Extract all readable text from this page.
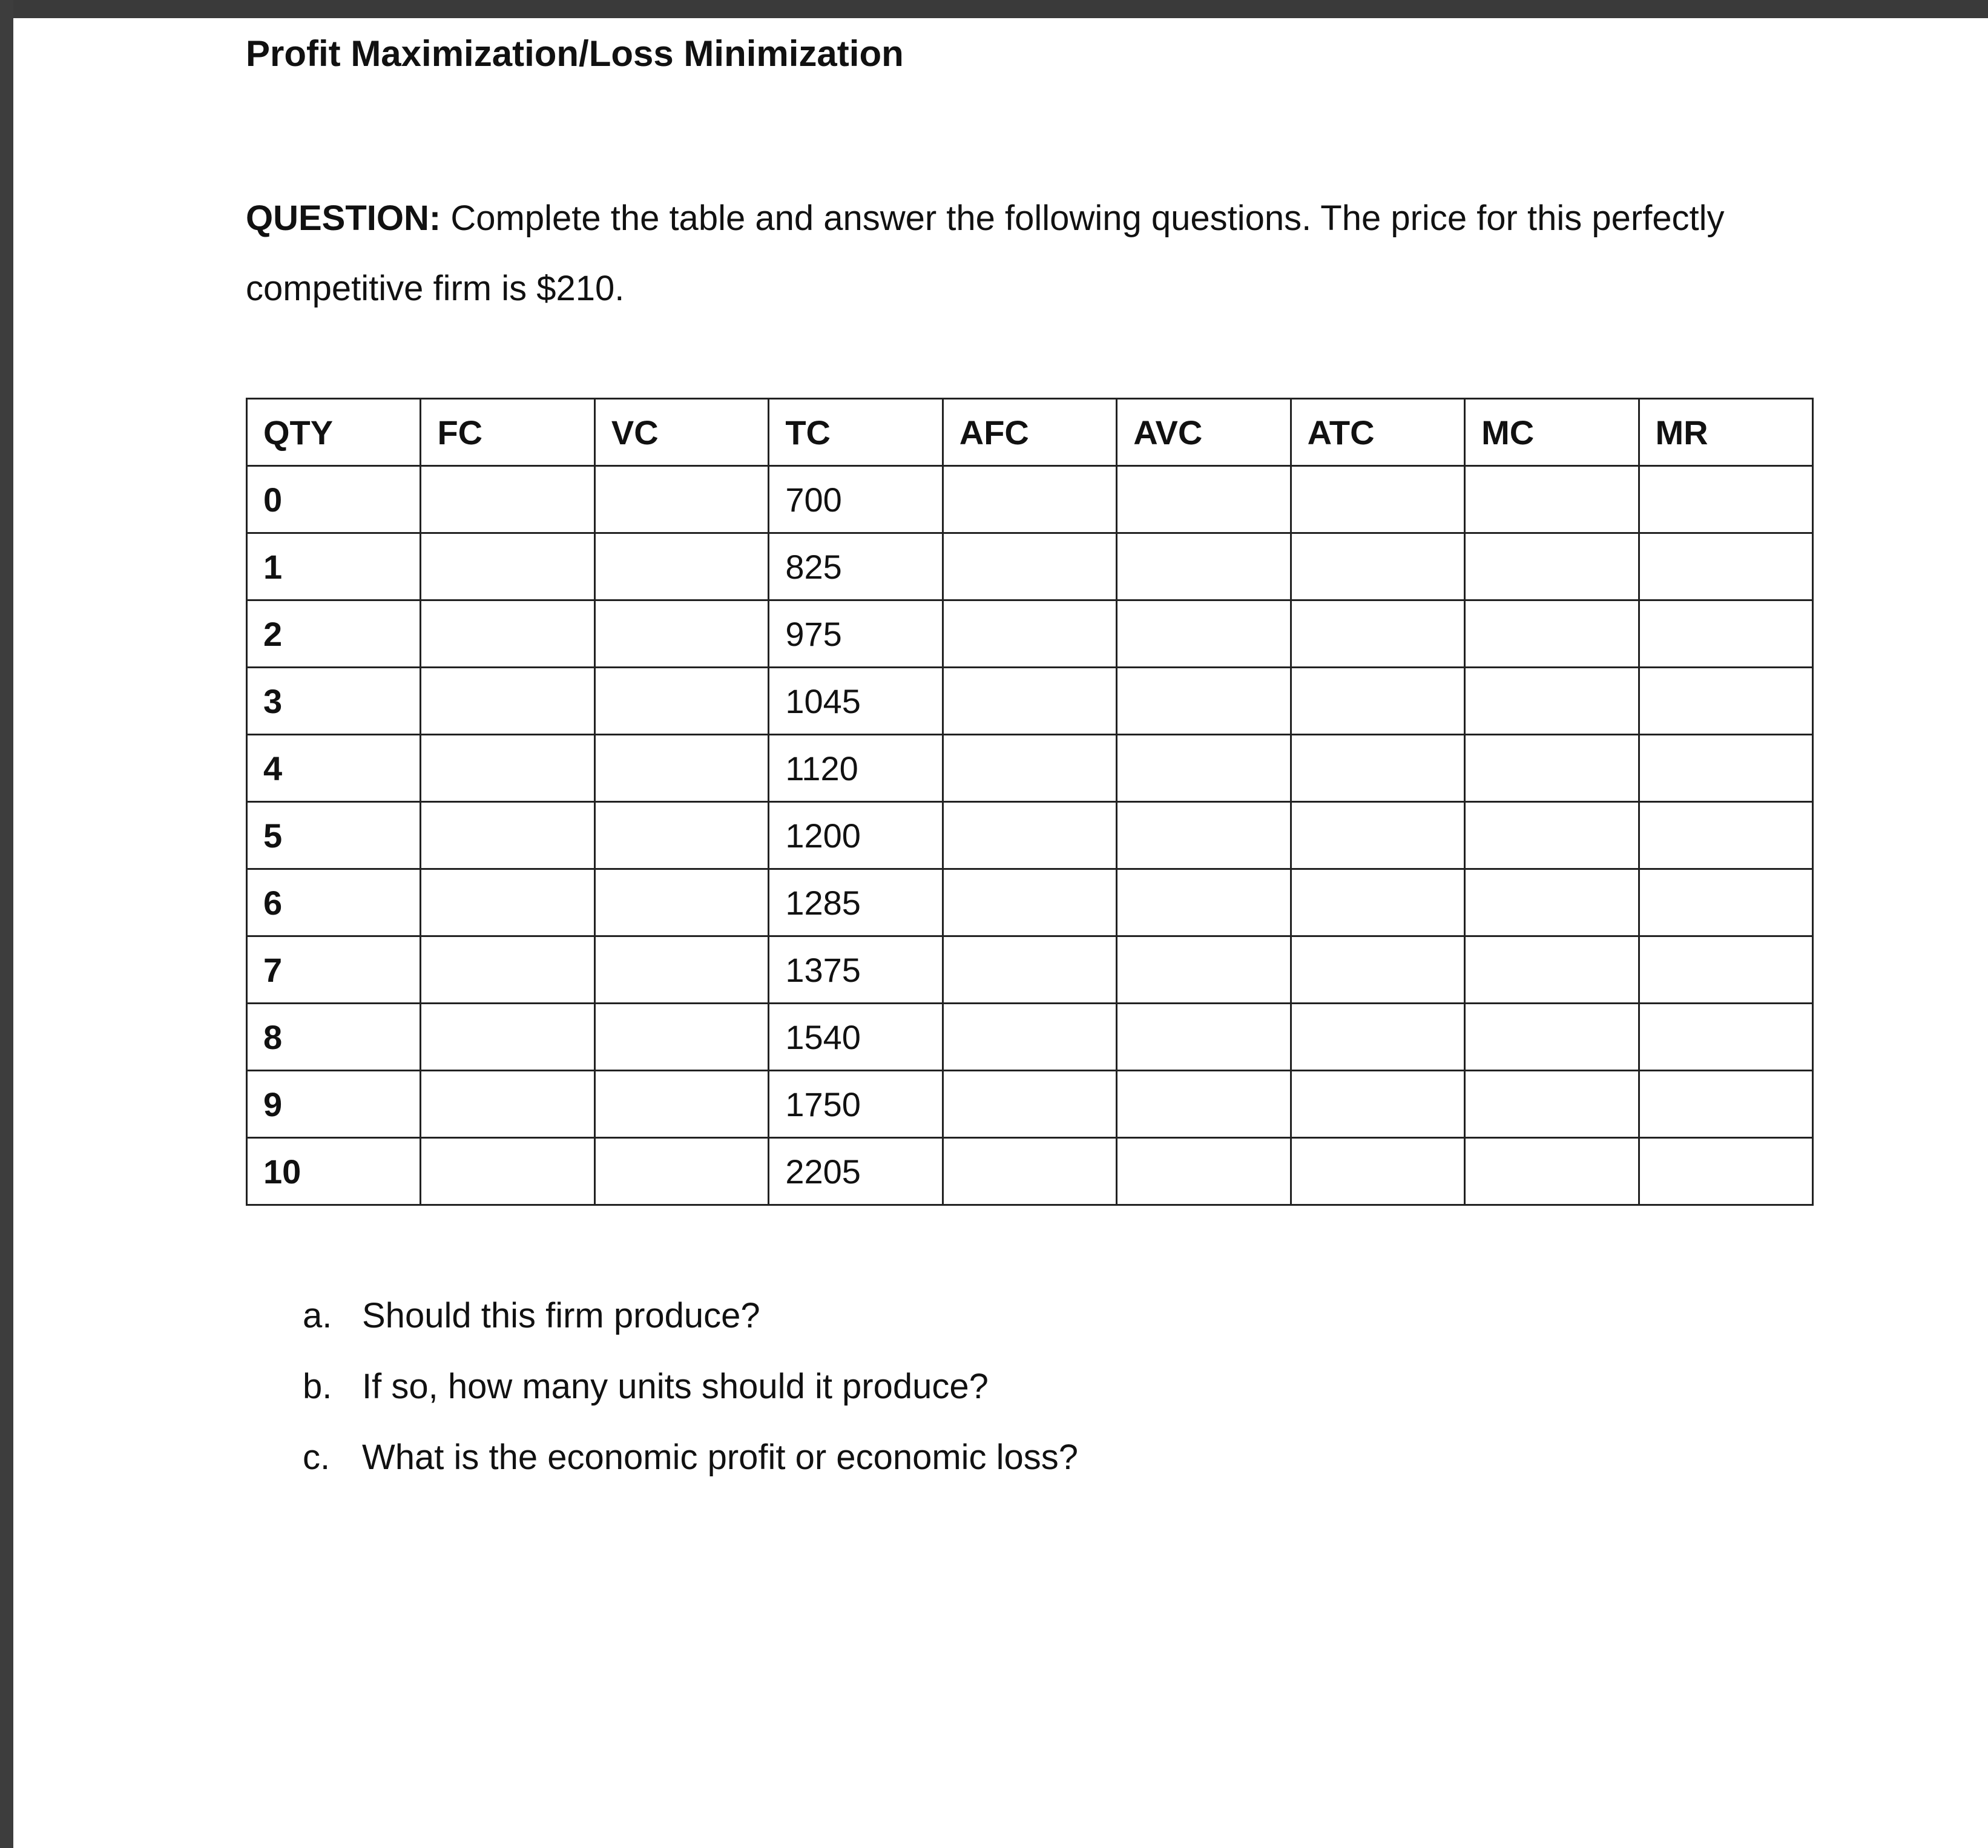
Profit Maximization/Loss Minimization
QUESTION: Complete the table and answer the following questions. The price for this perfectly competitive firm is $210.
QTY	FC	VC	TC	AFC	AVC	ATC	MC	MR
0			700					
1			825					
2			975					
3			1045					
4			1120					
5			1200					
6			1285					
7			1375					
8			1540					
9			1750					
10			2205					
a. Should this firm produce?
b. If so, how many units should it produce?
c. What is the economic profit or economic loss?
